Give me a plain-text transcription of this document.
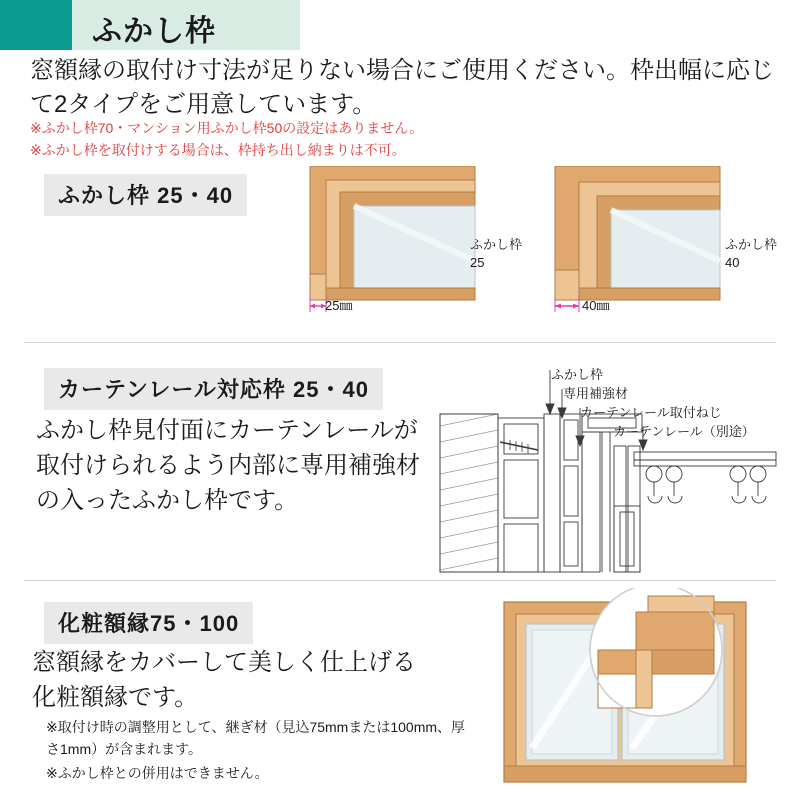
ふかし枠
窓額縁の取付け寸法が足りない場合にご使用ください。枠出幅に応じて2タイプをご用意しています。
※ふかし枠70・マンション用ふかし枠50の設定はありません。
※ふかし枠を取付けする場合は、枠持ち出し納まりは不可。
ふかし枠 25・40
ふかし枠
25
25㎜
ふかし枠
40
40㎜
カーテンレール対応枠 25・40
ふかし枠見付面にカーテンレールが取付けられるよう内部に専用補強材の入ったふかし枠です。
ふかし枠
専用補強材
カーテンレール取付ねじ
カーテンレール（別途）
化粧額縁75・100
窓額縁をカバーして美しく仕上げる化粧額縁です。
※取付け時の調整用として、継ぎ材（見込75mmまたは100mm、厚さ1mm）が含まれます。
※ふかし枠との併用はできません。
